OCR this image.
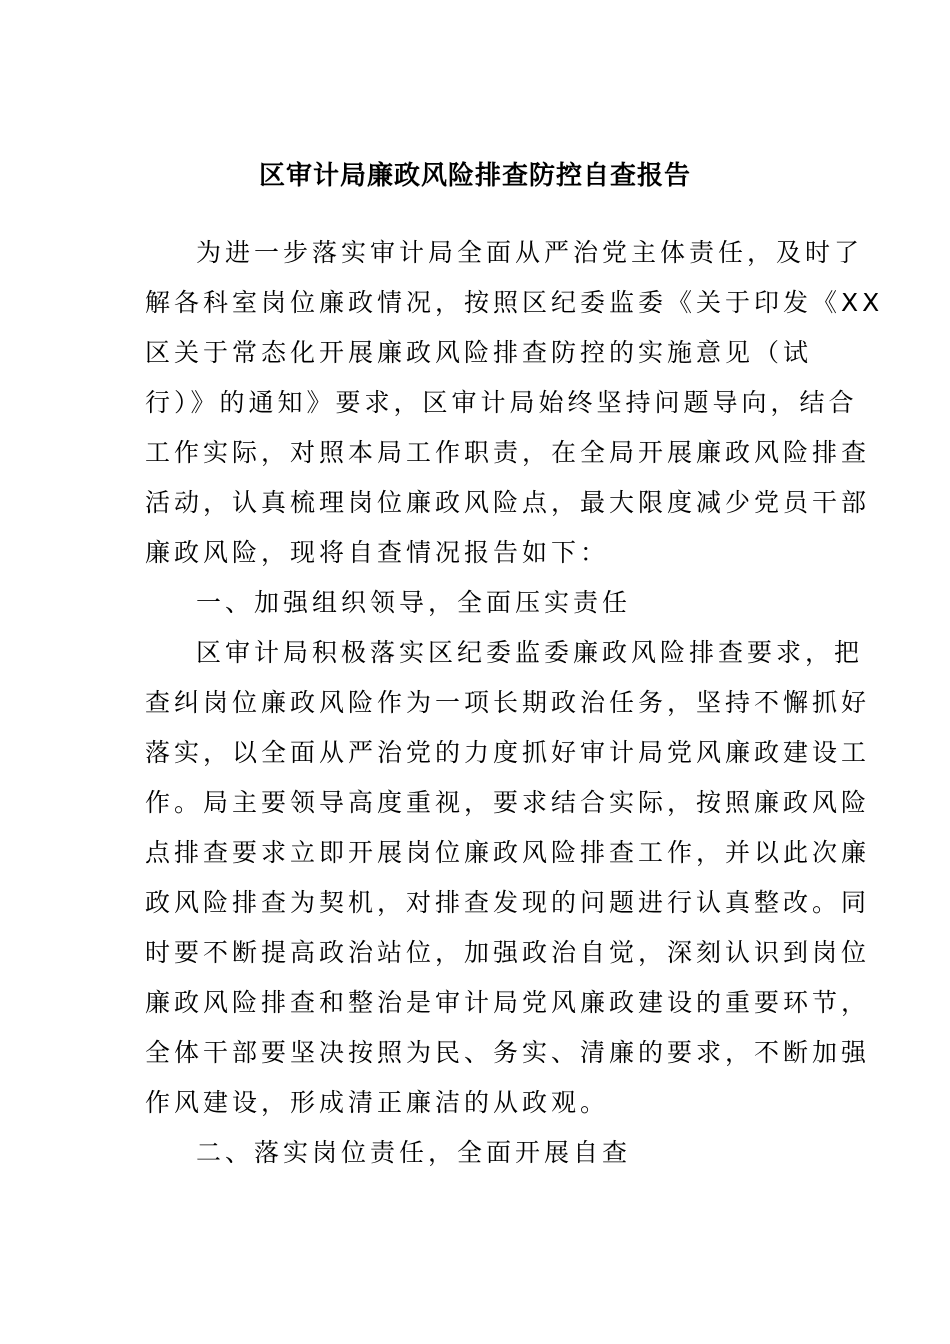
区审计局廉政风险排查防控自查报告
为进一步落实审计局全面从严治党主体责任，及时了
解各科室岗位廉政情况，按照区纪委监委《关于印发《XX
区关于常态化开展廉政风险排查防控的实施意见（试
行）》的通知》要求，区审计局始终坚持问题导向，结合
工作实际，对照本局工作职责，在全局开展廉政风险排查
活动，认真梳理岗位廉政风险点，最大限度减少党员干部
廉政风险，现将自查情况报告如下：
一、加强组织领导，全面压实责任
区审计局积极落实区纪委监委廉政风险排查要求，把
查纠岗位廉政风险作为一项长期政治任务，坚持不懈抓好
落实，以全面从严治党的力度抓好审计局党风廉政建设工
作。局主要领导高度重视，要求结合实际，按照廉政风险
点排查要求立即开展岗位廉政风险排查工作，并以此次廉
政风险排查为契机，对排查发现的问题进行认真整改。同
时要不断提高政治站位，加强政治自觉，深刻认识到岗位
廉政风险排查和整治是审计局党风廉政建设的重要环节，
全体干部要坚决按照为民、务实、清廉的要求，不断加强
作风建设，形成清正廉洁的从政观。
二、落实岗位责任，全面开展自查
